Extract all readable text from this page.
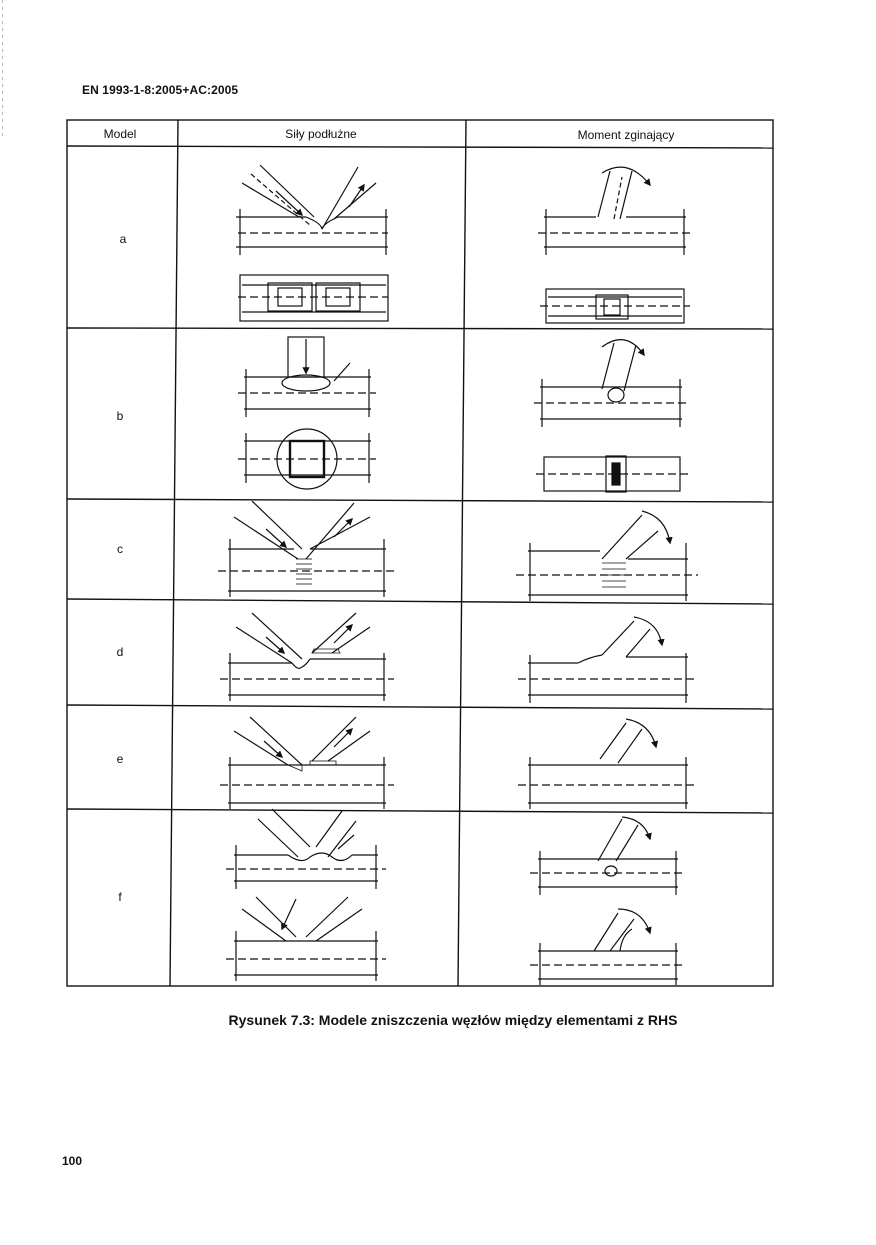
EN 1993-1-8:2005+AC:2005
Model	Siły podłużne	Moment zginający
a
b
c
d
e
f
Rysunek 7.3: Modele zniszczenia węzłów między elementami z RHS
100
